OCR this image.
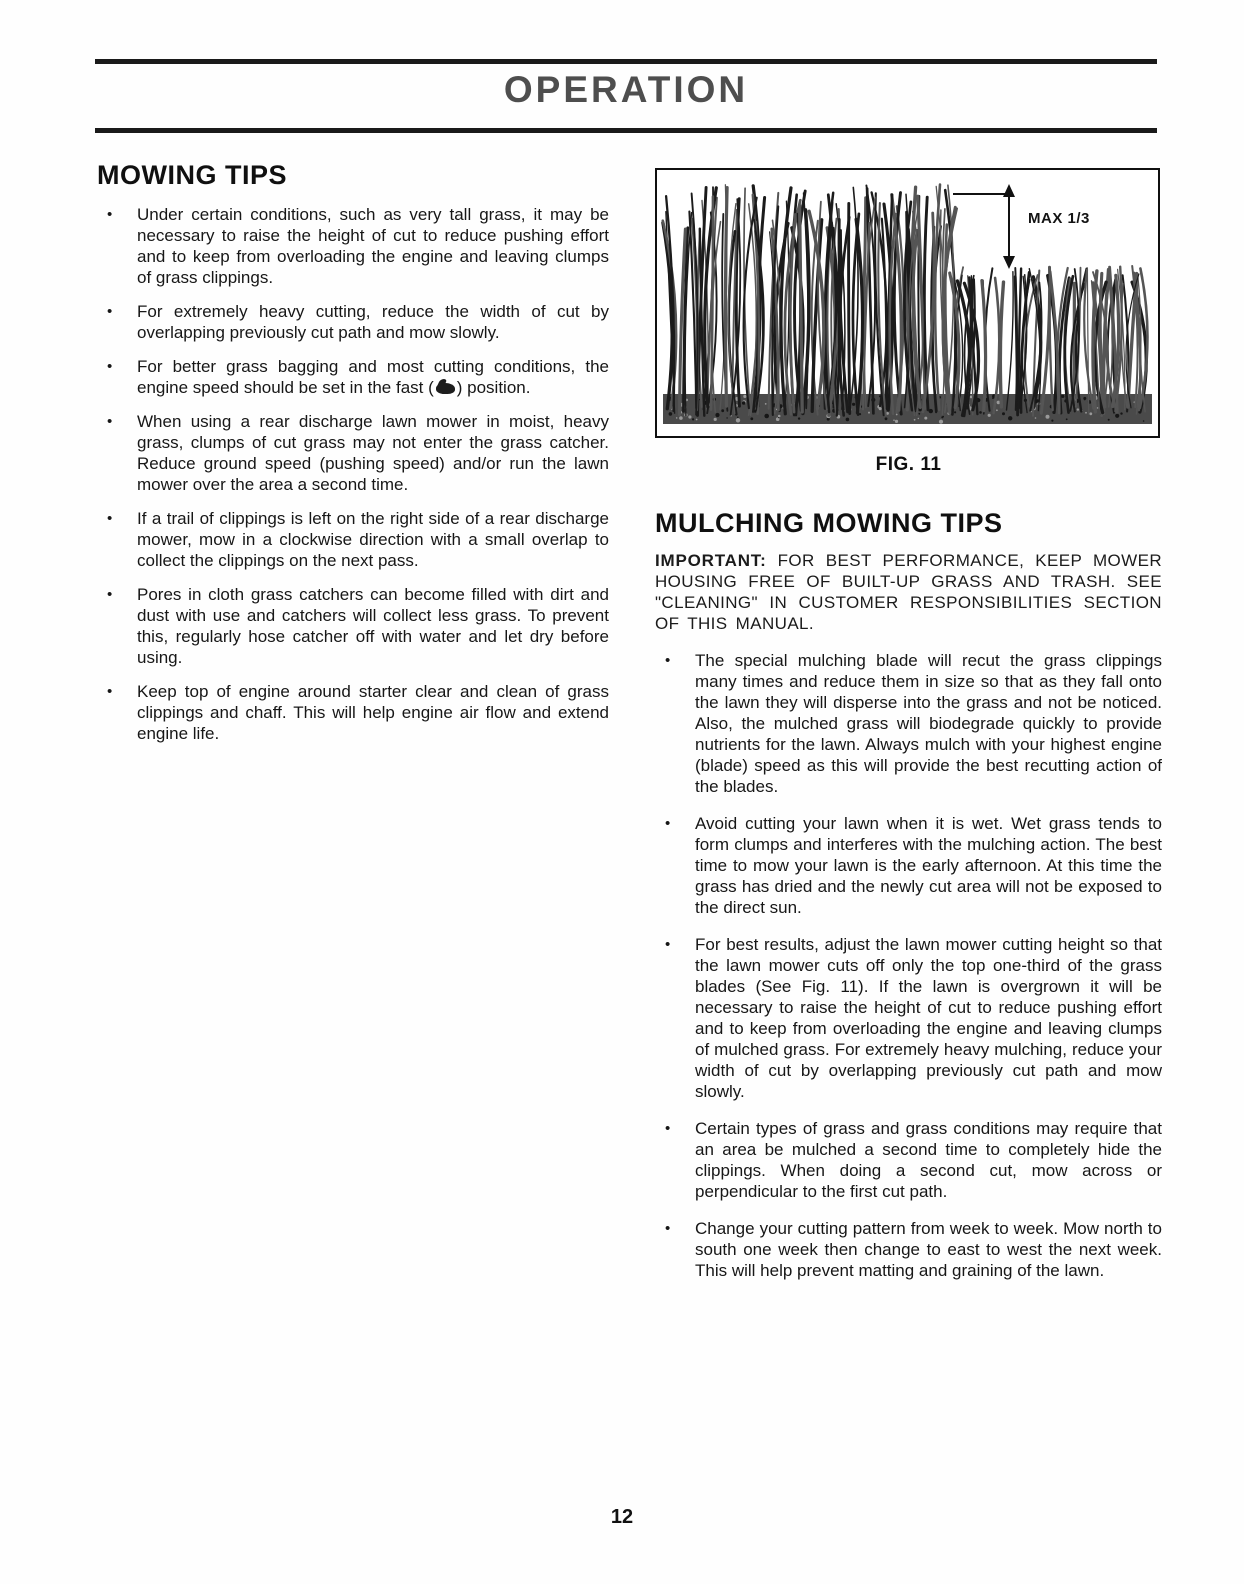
OPERATION
MOWING TIPS
• Under certain conditions, such as very tall grass, it may be necessary to raise the height of cut to reduce pushing effort and to keep from overloading the engine and leaving clumps of grass clippings.
• For extremely heavy cutting, reduce the width of cut by overlapping previously cut path and mow slowly.
• For better grass bagging and most cutting conditions, the engine speed should be set in the fast ( ) position.
• When using a rear discharge lawn mower in moist, heavy grass, clumps of cut grass may not enter the grass catcher. Reduce ground speed (pushing speed) and/or run the lawn mower over the area a second time.
• If a trail of clippings is left on the right side of a rear discharge mower, mow in a clockwise direction with a small overlap to collect the clippings on the next pass.
• Pores in cloth grass catchers can become filled with dirt and dust with use and catchers will collect less grass. To prevent this, regularly hose catcher off with water and let dry before using.
• Keep top of engine around starter clear and clean of grass clippings and chaff. This will help engine air flow and extend engine life.
MAX 1/3
FIG. 11
MULCHING MOWING TIPS

IMPORTANT: FOR BEST PERFORMANCE, KEEP MOWER HOUSING FREE OF BUILT-UP GRASS AND TRASH. SEE "CLEANING" IN CUSTOMER RESPONSIBILITIES SECTION OF THIS MANUAL.

• The special mulching blade will recut the grass clippings many times and reduce them in size so that as they fall onto the lawn they will disperse into the grass and not be noticed. Also, the mulched grass will biodegrade quickly to provide nutrients for the lawn. Always mulch with your highest engine (blade) speed as this will provide the best recutting action of the blades.
• Avoid cutting your lawn when it is wet. Wet grass tends to form clumps and interferes with the mulching action. The best time to mow your lawn is the early afternoon. At this time the grass has dried and the newly cut area will not be exposed to the direct sun.
• For best results, adjust the lawn mower cutting height so that the lawn mower cuts off only the top one-third of the grass blades (See Fig. 11). If the lawn is overgrown it will be necessary to raise the height of cut to reduce pushing effort and to keep from overloading the engine and leaving clumps of mulched grass. For extremely heavy mulching, reduce your width of cut by overlapping previously cut path and mow slowly.
• Certain types of grass and grass conditions may require that an area be mulched a second time to completely hide the clippings. When doing a second cut, mow across or perpendicular to the first cut path.
• Change your cutting pattern from week to week. Mow north to south one week then change to east to west the next week. This will help prevent matting and graining of the lawn.
12
